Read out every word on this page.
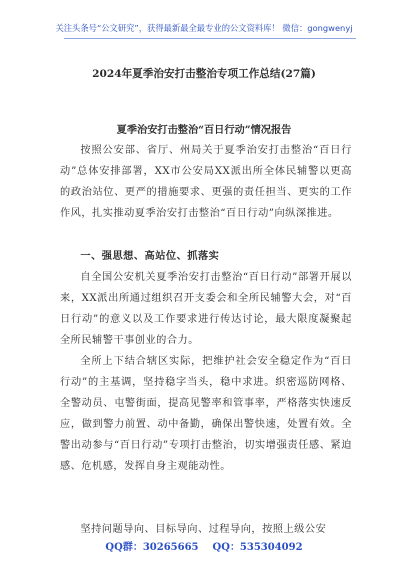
关注头条号“公文研究”，获得最新最全最专业的公文资料库！ 微信：gongwenyj
2024年夏季治安打击整治专项工作总结(27篇)
夏季治安打击整治“百日行动”情况报告
按照公安部、省厅、州局关于夏季治安打击整治“百日行动”总体安排部署，XX市公安局XX派出所全体民辅警以更高的政治站位、更严的措施要求、更强的责任担当、更实的工作作风，扎实推动夏季治安打击整治“百日行动”向纵深推进。
一、强思想、高站位、抓落实
自全国公安机关夏季治安打击整治“百日行动”部署开展以来，XX派出所通过组织召开支委会和全所民辅警大会，对“百日行动”的意义以及工作要求进行传达讨论，最大限度凝聚起全所民辅警干事创业的合力。
全所上下结合辖区实际，把维护社会安全稳定作为“百日行动”的主基调，坚持稳字当头，稳中求进。织密巡防网格、全警动员、屯警街面，提高见警率和管事率，严格落实快速反应，做到警力前置、动中备勤，确保出警快速，处置有效。全警出动参与“百日行动”专项打击整治，切实增强责任感、紧迫感、危机感，发挥自身主观能动性。
坚持问题导向、目标导向、过程导向，按照上级公安
QQ群：30265665 QQ：535304092
